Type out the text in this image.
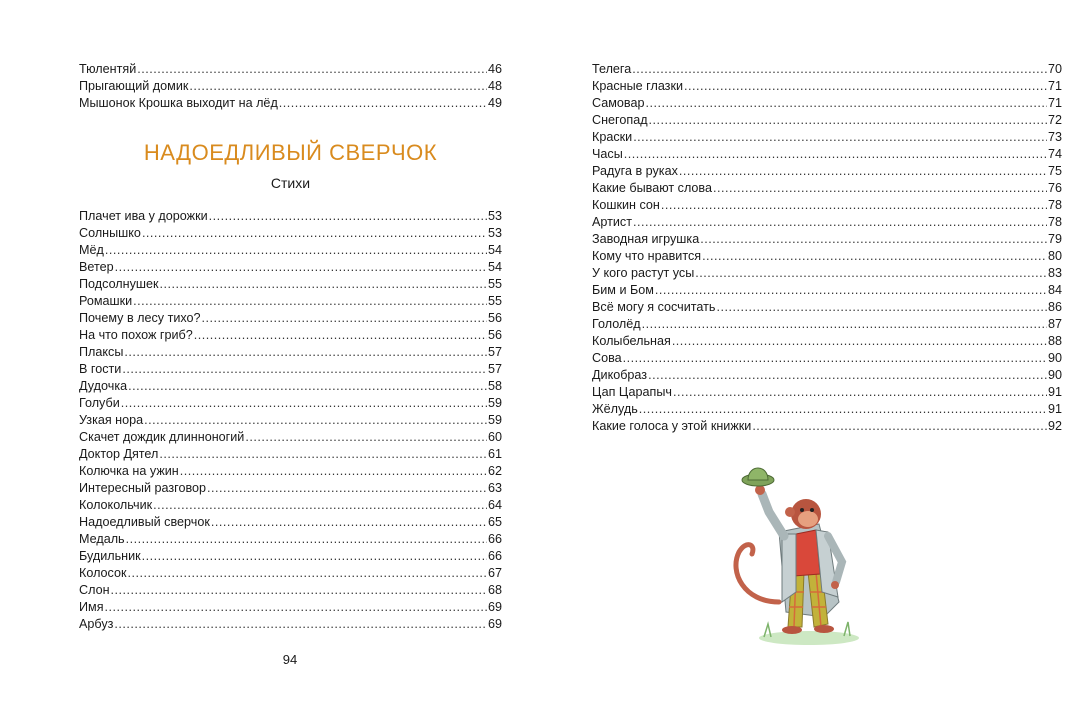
Тюлентяй .....	46
Прыгающий домик .....	48
Мышонок Крошка выходит на лёд .....	49
НАДОЕДЛИВЫЙ СВЕРЧОК
Стихи
Плачет ива у дорожки .....	53
Солнышко .....	53
Мёд .....	54
Ветер .....	54
Подсолнушек .....	55
Ромашки .....	55
Почему в лесу тихо? .....	56
На что похож гриб? .....	56
Плаксы .....	57
В гости .....	57
Дудочка .....	58
Голуби .....	59
Узкая нора .....	59
Скачет дождик длинноногий .....	60
Доктор Дятел .....	61
Колючка на ужин .....	62
Интересный разговор .....	63
Колокольчик .....	64
Надоедливый сверчок .....	65
Медаль .....	66
Будильник .....	66
Колосок .....	67
Слон .....	68
Имя .....	69
Арбуз .....	69
94
Телега .....	70
Красные глазки .....	71
Самовар .....	71
Снегопад .....	72
Краски .....	73
Часы .....	74
Радуга в руках .....	75
Какие бывают слова .....	76
Кошкин сон .....	78
Артист .....	78
Заводная игрушка .....	79
Кому что нравится .....	80
У кого растут усы .....	83
Бим и Бом .....	84
Всё могу я сосчитать .....	86
Гололёд .....	87
Колыбельная .....	88
Сова .....	90
Дикобраз .....	90
Цап Царапыч .....	91
Жёлудь .....	91
Какие голоса у этой книжки .....	92
